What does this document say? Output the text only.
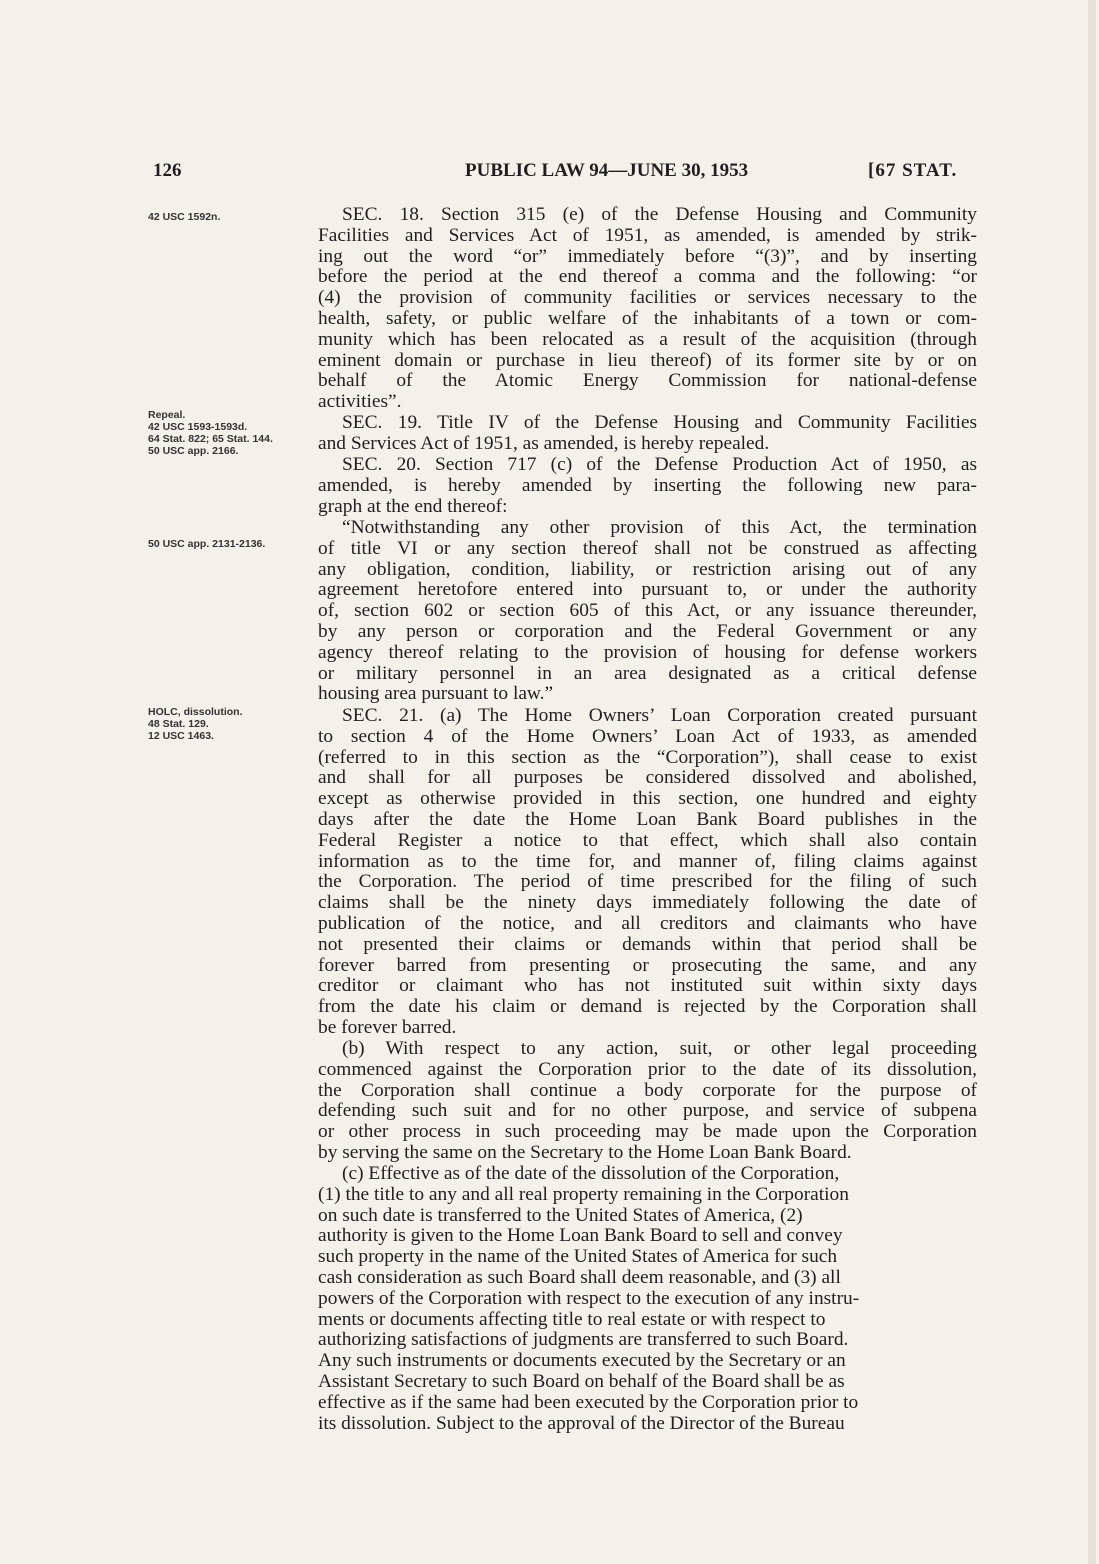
126	PUBLIC LAW 94—JUNE 30, 1953	[67 STAT.
42 USC 1592n.
Repeal.
42 USC 1593-1593d.
64 Stat. 822; 65 Stat. 144.
50 USC app. 2166.
50 USC app. 2131-2136.
HOLC, dissolution.
48 Stat. 129.
12 USC 1463.
SEC. 18. Section 315 (e) of the Defense Housing and Community
Facilities and Services Act of 1951, as amended, is amended by strik-
ing out the word “or” immediately before “(3)”, and by inserting
before the period at the end thereof a comma and the following: “or
(4) the provision of community facilities or services necessary to the
health, safety, or public welfare of the inhabitants of a town or com-
munity which has been relocated as a result of the acquisition (through
eminent domain or purchase in lieu thereof) of its former site by or on
behalf of the Atomic Energy Commission for national-defense
activities”.
SEC. 19. Title IV of the Defense Housing and Community Facilities
and Services Act of 1951, as amended, is hereby repealed.
SEC. 20. Section 717 (c) of the Defense Production Act of 1950, as
amended, is hereby amended by inserting the following new para-
graph at the end thereof:
“Notwithstanding any other provision of this Act, the termination
of title VI or any section thereof shall not be construed as affecting
any obligation, condition, liability, or restriction arising out of any
agreement heretofore entered into pursuant to, or under the authority
of, section 602 or section 605 of this Act, or any issuance thereunder,
by any person or corporation and the Federal Government or any
agency thereof relating to the provision of housing for defense workers
or military personnel in an area designated as a critical defense
housing area pursuant to law.”
SEC. 21. (a) The Home Owners’ Loan Corporation created pursuant
to section 4 of the Home Owners’ Loan Act of 1933, as amended
(referred to in this section as the “Corporation”), shall cease to exist
and shall for all purposes be considered dissolved and abolished,
except as otherwise provided in this section, one hundred and eighty
days after the date the Home Loan Bank Board publishes in the
Federal Register a notice to that effect, which shall also contain
information as to the time for, and manner of, filing claims against
the Corporation. The period of time prescribed for the filing of such
claims shall be the ninety days immediately following the date of
publication of the notice, and all creditors and claimants who have
not presented their claims or demands within that period shall be
forever barred from presenting or prosecuting the same, and any
creditor or claimant who has not instituted suit within sixty days
from the date his claim or demand is rejected by the Corporation shall
be forever barred.
(b) With respect to any action, suit, or other legal proceeding
commenced against the Corporation prior to the date of its dissolution,
the Corporation shall continue a body corporate for the purpose of
defending such suit and for no other purpose, and service of subpena
or other process in such proceeding may be made upon the Corporation
by serving the same on the Secretary to the Home Loan Bank Board.
(c) Effective as of the date of the dissolution of the Corporation,
(1) the title to any and all real property remaining in the Corporation
on such date is transferred to the United States of America, (2)
authority is given to the Home Loan Bank Board to sell and convey
such property in the name of the United States of America for such
cash consideration as such Board shall deem reasonable, and (3) all
powers of the Corporation with respect to the execution of any instru-
ments or documents affecting title to real estate or with respect to
authorizing satisfactions of judgments are transferred to such Board.
Any such instruments or documents executed by the Secretary or an
Assistant Secretary to such Board on behalf of the Board shall be as
effective as if the same had been executed by the Corporation prior to
its dissolution. Subject to the approval of the Director of the Bureau
